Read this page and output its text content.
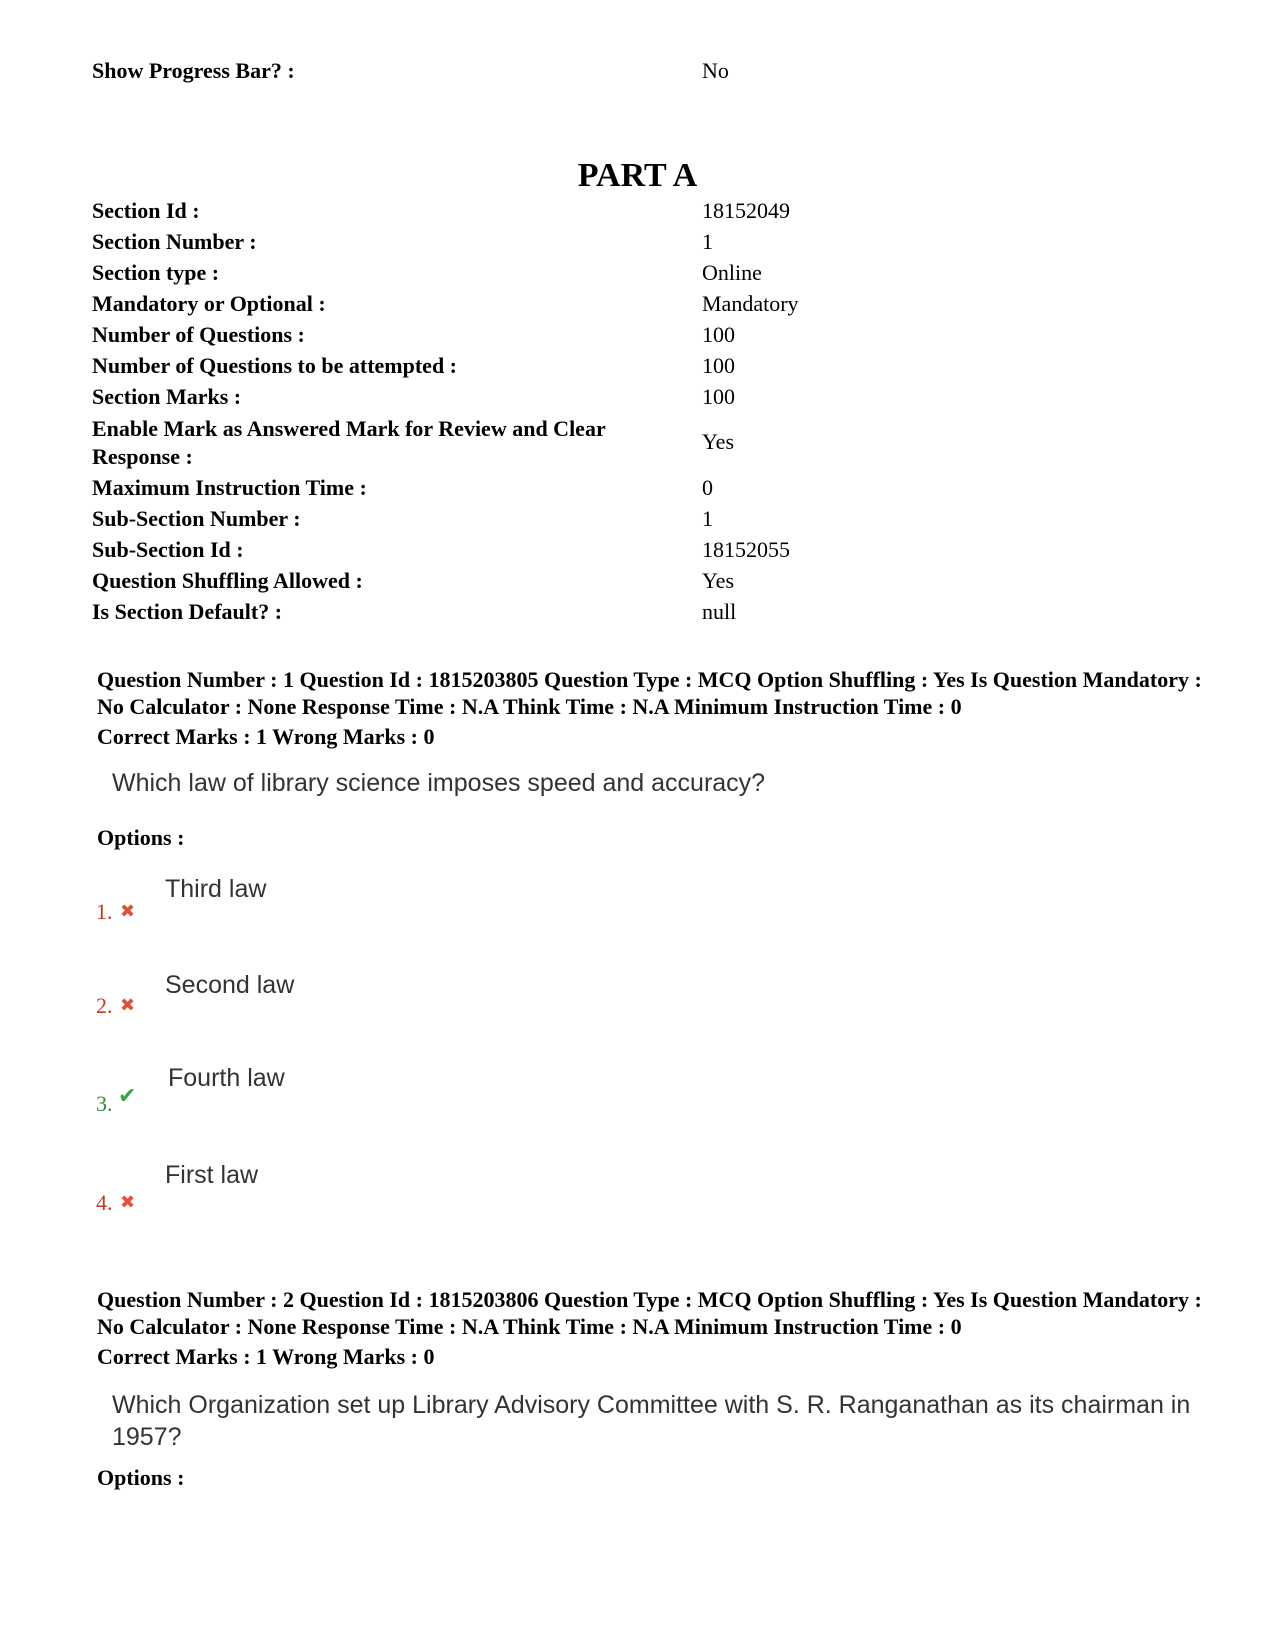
Show Progress Bar? :	No
PART A
Section Id :	18152049
Section Number :	1
Section type :	Online
Mandatory or Optional :	Mandatory
Number of Questions :	100
Number of Questions to be attempted :	100
Section Marks :	100
Enable Mark as Answered Mark for Review and Clear Response :
Yes
Maximum Instruction Time :	0
Sub-Section Number :	1
Sub-Section Id :	18152055
Question Shuffling Allowed :	Yes
Is Section Default? :	null
Question Number : 1 Question Id : 1815203805 Question Type : MCQ Option Shuffling : Yes Is Question Mandatory : No Calculator : None Response Time : N.A Think Time : N.A Minimum Instruction Time : 0
Correct Marks : 1 Wrong Marks : 0
Which law of library science imposes speed and accuracy?
Options :
1. ✖
Third law
2. ✖
Second law
3. ✔
Fourth law
4. ✖
First law
Question Number : 2 Question Id : 1815203806 Question Type : MCQ Option Shuffling : Yes Is Question Mandatory : No Calculator : None Response Time : N.A Think Time : N.A Minimum Instruction Time : 0
Correct Marks : 1 Wrong Marks : 0
Which Organization set up Library Advisory Committee with S. R. Ranganathan as its chairman in 1957?
Options :
